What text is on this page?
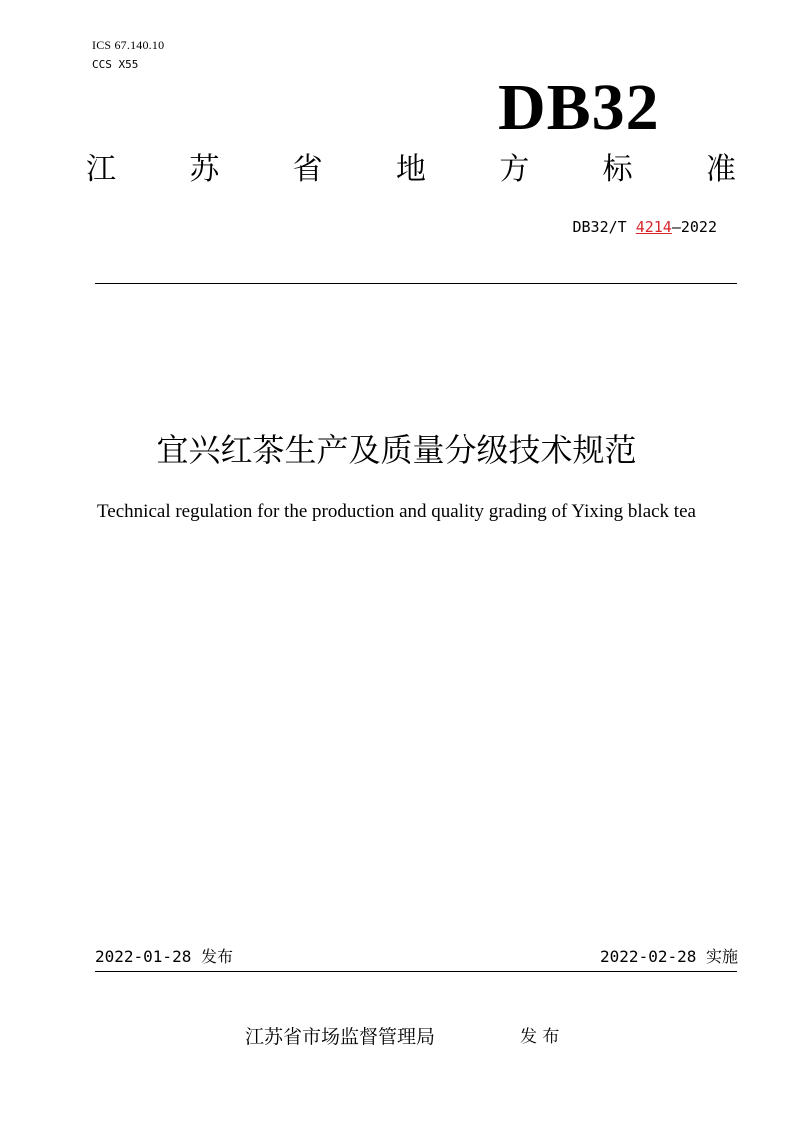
ICS 67.140.10
CCS X55
DB32
江 苏 省 地 方 标 准
DB32/T 4214—2022
宜兴红茶生产及质量分级技术规范
Technical regulation for the production and quality grading of Yixing black tea
2022-01-28 发布	2022-02-28 实施
江苏省市场监督管理局	发 布
